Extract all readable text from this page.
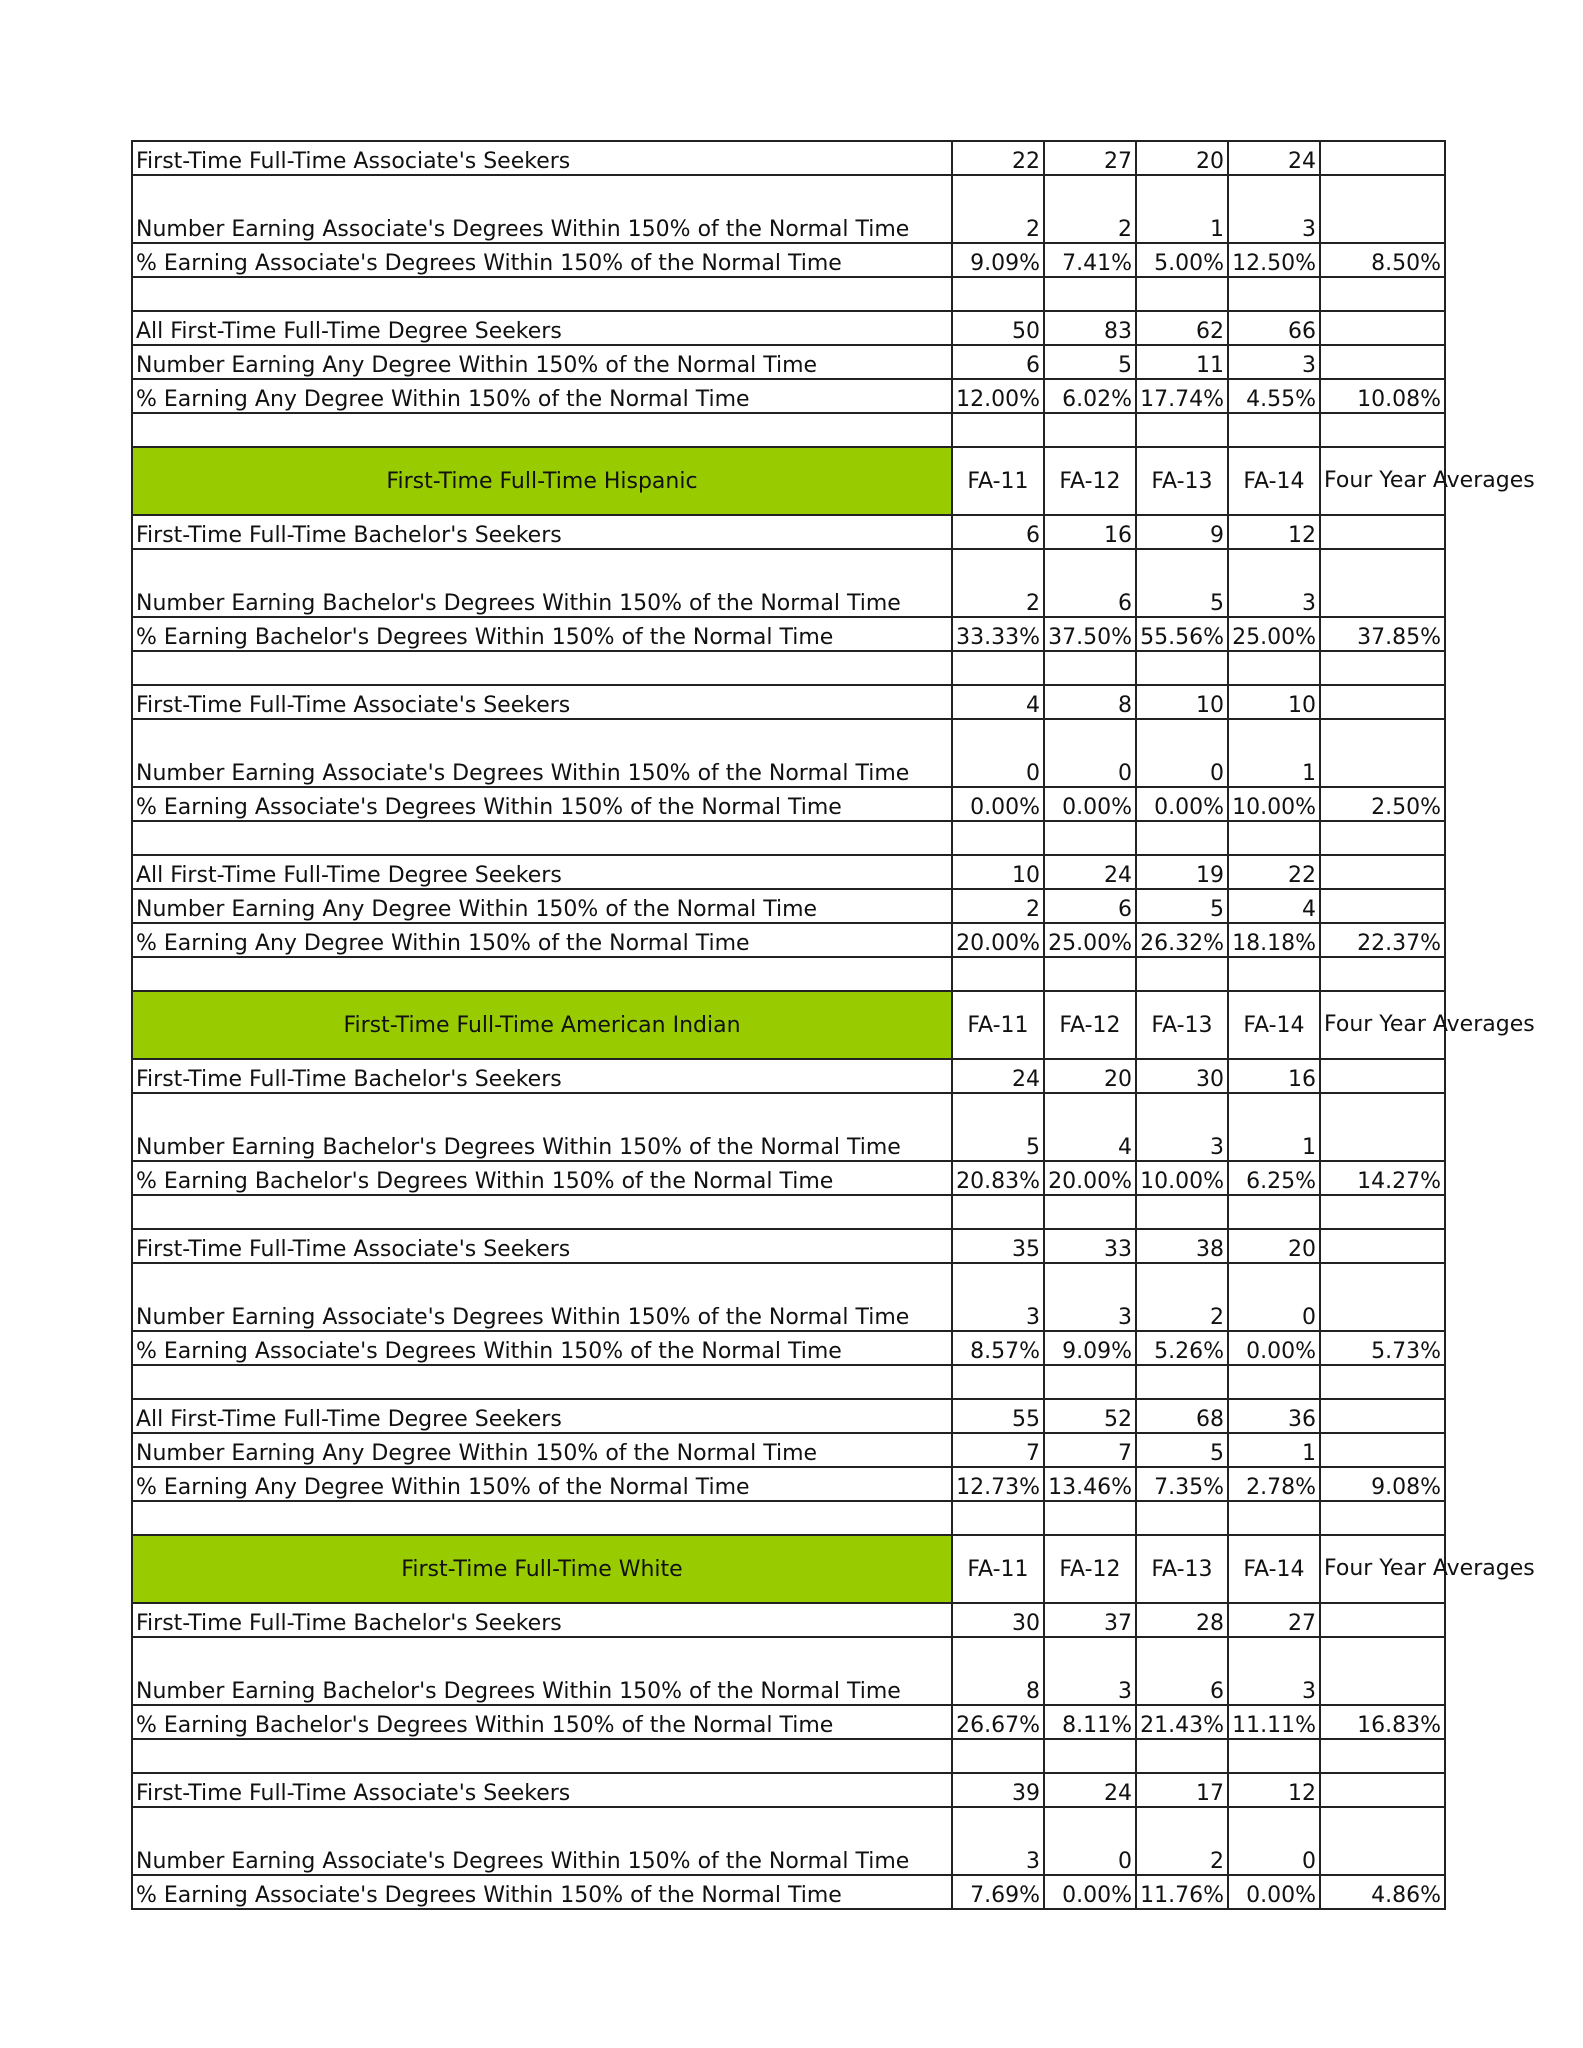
First-Time Full-Time Associate's Seekers	22	27	20	24	
Number Earning Associate's Degrees Within 150% of the Normal Time	2	2	1	3	
% Earning Associate's Degrees Within 150% of the Normal Time	9.09%	7.41%	5.00%	12.50%	8.50%

All First-Time Full-Time Degree Seekers	50	83	62	66	
Number Earning Any Degree Within 150% of the Normal Time	6	5	11	3	
% Earning Any Degree Within 150% of the Normal Time	12.00%	6.02%	17.74%	4.55%	10.08%

First-Time Full-Time Hispanic	FA-11	FA-12	FA-13	FA-14	Four Year Averages
First-Time Full-Time Bachelor's Seekers	6	16	9	12	
Number Earning Bachelor's Degrees Within 150% of the Normal Time	2	6	5	3	
% Earning Bachelor's Degrees Within 150% of the Normal Time	33.33%	37.50%	55.56%	25.00%	37.85%

First-Time Full-Time Associate's Seekers	4	8	10	10	
Number Earning Associate's Degrees Within 150% of the Normal Time	0	0	0	1	
% Earning Associate's Degrees Within 150% of the Normal Time	0.00%	0.00%	0.00%	10.00%	2.50%

All First-Time Full-Time Degree Seekers	10	24	19	22	
Number Earning Any Degree Within 150% of the Normal Time	2	6	5	4	
% Earning Any Degree Within 150% of the Normal Time	20.00%	25.00%	26.32%	18.18%	22.37%

First-Time Full-Time American Indian	FA-11	FA-12	FA-13	FA-14	Four Year Averages
First-Time Full-Time Bachelor's Seekers	24	20	30	16	
Number Earning Bachelor's Degrees Within 150% of the Normal Time	5	4	3	1	
% Earning Bachelor's Degrees Within 150% of the Normal Time	20.83%	20.00%	10.00%	6.25%	14.27%

First-Time Full-Time Associate's Seekers	35	33	38	20	
Number Earning Associate's Degrees Within 150% of the Normal Time	3	3	2	0	
% Earning Associate's Degrees Within 150% of the Normal Time	8.57%	9.09%	5.26%	0.00%	5.73%

All First-Time Full-Time Degree Seekers	55	52	68	36	
Number Earning Any Degree Within 150% of the Normal Time	7	7	5	1	
% Earning Any Degree Within 150% of the Normal Time	12.73%	13.46%	7.35%	2.78%	9.08%

First-Time Full-Time White	FA-11	FA-12	FA-13	FA-14	Four Year Averages
First-Time Full-Time Bachelor's Seekers	30	37	28	27	
Number Earning Bachelor's Degrees Within 150% of the Normal Time	8	3	6	3	
% Earning Bachelor's Degrees Within 150% of the Normal Time	26.67%	8.11%	21.43%	11.11%	16.83%

First-Time Full-Time Associate's Seekers	39	24	17	12	
Number Earning Associate's Degrees Within 150% of the Normal Time	3	0	2	0	
% Earning Associate's Degrees Within 150% of the Normal Time	7.69%	0.00%	11.76%	0.00%	4.86%
